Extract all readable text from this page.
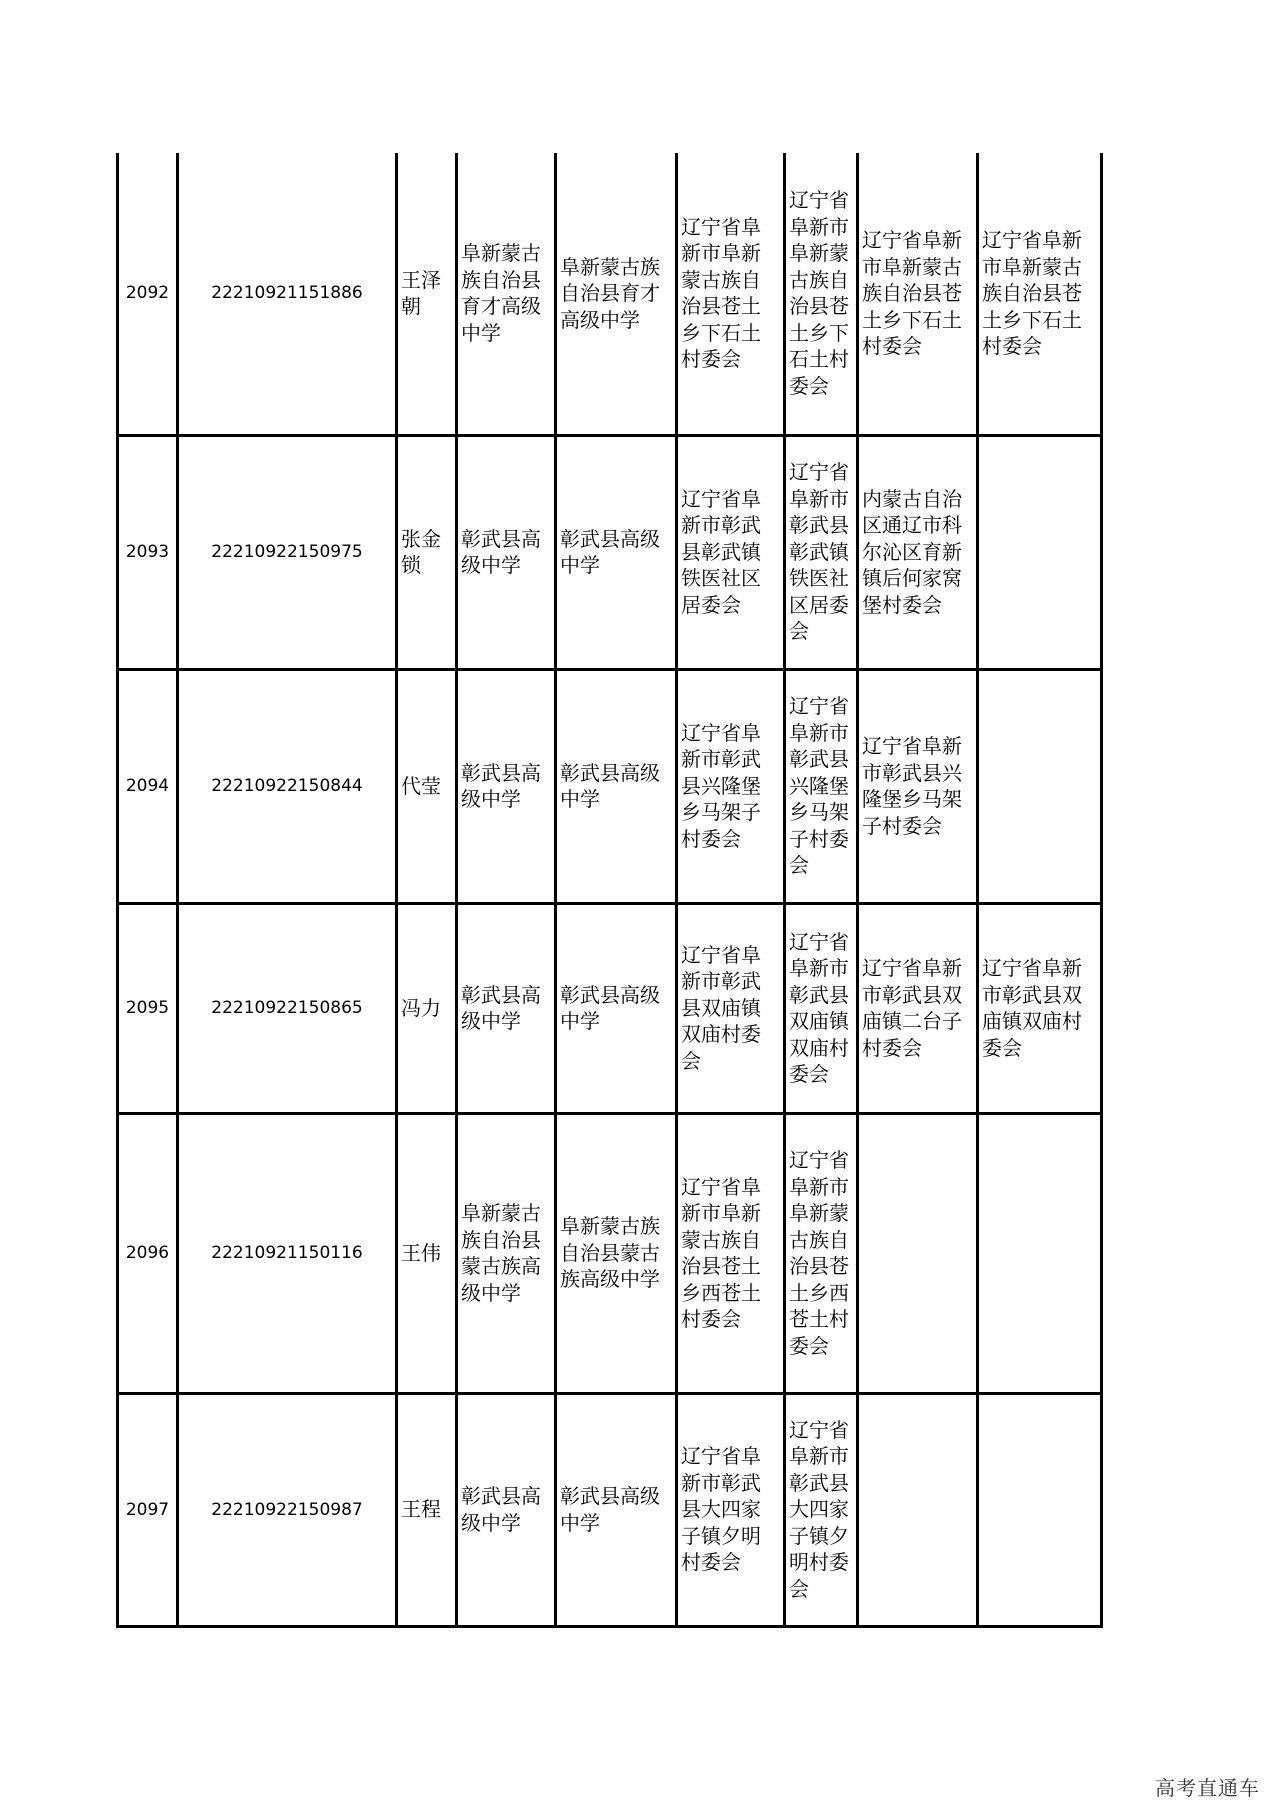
2092	22210921151886	王泽朝	阜新蒙古族自治县育才高级中学	阜新蒙古族自治县育才高级中学	辽宁省阜新市阜新蒙古族自治县苍土乡下石土村委会	辽宁省阜新市阜新蒙古族自治县苍土乡下石土村委会	辽宁省阜新市阜新蒙古族自治县苍土乡下石土村委会	辽宁省阜新市阜新蒙古族自治县苍土乡下石土村委会
2093	22210922150975	张金锁	彰武县高级中学	彰武县高级中学	辽宁省阜新市彰武县彰武镇铁医社区居委会	辽宁省阜新市彰武县彰武镇铁医社区居委会	内蒙古自治区通辽市科尔沁区育新镇后何家窝堡村委会	
2094	22210922150844	代莹	彰武县高级中学	彰武县高级中学	辽宁省阜新市彰武县兴隆堡乡马架子村委会	辽宁省阜新市彰武县兴隆堡乡马架子村委会	辽宁省阜新市彰武县兴隆堡乡马架子村委会	
2095	22210922150865	冯力	彰武县高级中学	彰武县高级中学	辽宁省阜新市彰武县双庙镇双庙村委会	辽宁省阜新市彰武县双庙镇双庙村委会	辽宁省阜新市彰武县双庙镇二台子村委会	辽宁省阜新市彰武县双庙镇双庙村委会
2096	22210921150116	王伟	阜新蒙古族自治县蒙古族高级中学	阜新蒙古族自治县蒙古族高级中学	辽宁省阜新市阜新蒙古族自治县苍土乡西苍土村委会	辽宁省阜新市阜新蒙古族自治县苍土乡西苍土村委会		
2097	22210922150987	王程	彰武县高级中学	彰武县高级中学	辽宁省阜新市彰武县大四家子镇夕明村委会	辽宁省阜新市彰武县大四家子镇夕明村委会		
高考直通车
